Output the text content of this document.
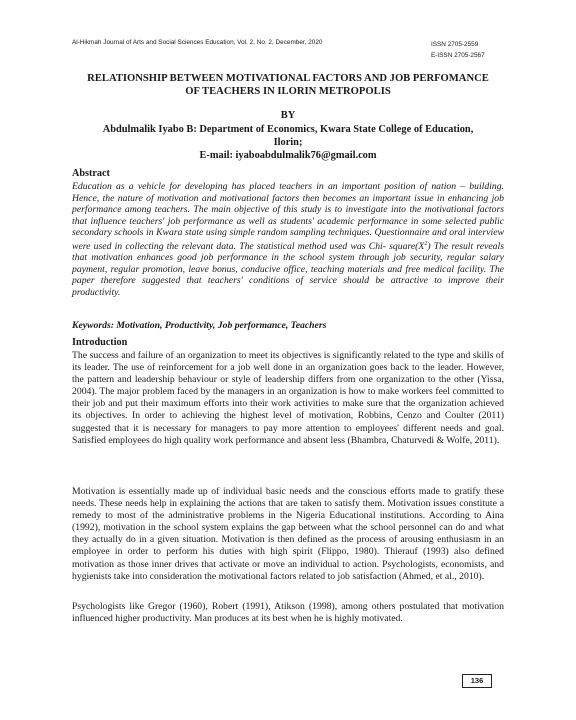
Al-Hikmah Journal of Arts and Social Sciences Education, Vol. 2, No. 2, December, 2020	ISSN 2705-2559
E-ISSN 2705-2567
RELATIONSHIP BETWEEN MOTIVATIONAL FACTORS AND JOB PERFOMANCE
OF TEACHERS IN ILORIN METROPOLIS
BY
Abdulmalik Iyabo B: Department of Economics, Kwara State College of Education,
Ilorin;
E-mail: iyaboabdulmalik76@gmail.com
Abstract
Education as a vehicle for developing has placed teachers in an important position of nation – building. Hence, the nature of motivation and motivational factors then becomes an important issue in enhancing job performance among teachers. The main objective of this study is to investigate into the motivational factors that influence teachers' job performance as well as students' academic performance in some selected public secondary schools in Kwara state using simple random sampling techniques. Questionnaire and oral interview were used in collecting the relevant data. The statistical method used was Chi- $square(X^2)$ The result reveals that motivation enhances good job performance in the school system through job security, regular salary payment, regular promotion, leave bonus, conducive office, teaching materials and free medical facility. The paper therefore suggested that teachers' conditions of service should be attractive to improve their productivity.
Keywords: Motivation, Productivity, Job performance, Teachers
Introduction
The success and failure of an organization to meet its objectives is significantly related to the type and skills of its leader. The use of reinforcement for a job well done in an organization goes back to the leader. However, the pattern and leadership behaviour or style of leadership differs from one organization to the other (Yissa, 2004). The major problem faced by the managers in an organization is how to make workers feel committed to their job and put their maximum efforts into their work activities to make sure that the organization achieved its objectives. In order to achieving the highest level of motivation, Robbins, Cenzo and Coulter (2011) suggested that it is necessary for managers to pay more attention to employees' different needs and goal. Satisfied employees do high quality work performance and absent less (Bhambra, Chaturvedi & Wolfe, 2011).
Motivation is essentially made up of individual basic needs and the conscious efforts made to gratify these needs. These needs help in explaining the actions that are taken to satisfy them. Motivation issues constitute a remedy to most of the administrative problems in the Nigeria Educational institutions. According to Aina (1992), motivation in the school system explains the gap between what the school personnel can do and what they actually do in a given situation. Motivation is then defined as the process of arousing enthusiasm in an employee in order to perform his duties with high spirit (Flippo, 1980). Thierauf (1993) also defined motivation as those inner drives that activate or move an individual to action. Psychologists, economists, and hygienists take into consideration the motivational factors related to job satisfaction (Ahmed, et al., 2010).
Psychologists like Gregor (1960), Robert (1991), Atikson (1998), among others postulated that motivation influenced higher productivity. Man produces at its best when he is highly motivated.
136
